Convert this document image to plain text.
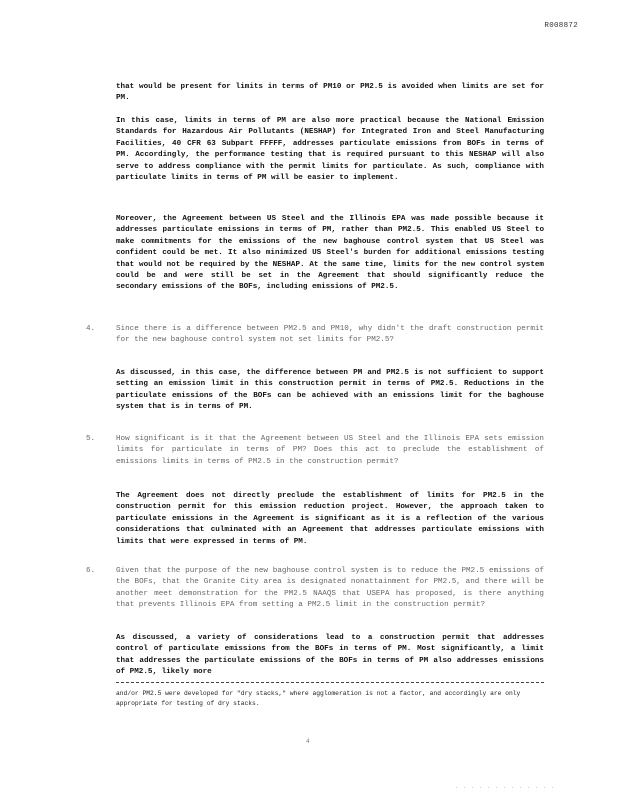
R008872
that would be present for limits in terms of PM10 or PM2.5 is avoided when limits are set for PM.
In this case, limits in terms of PM are also more practical because the National Emission Standards for Hazardous Air Pollutants (NESHAP) for Integrated Iron and Steel Manufacturing Facilities, 40 CFR 63 Subpart FFFFF, addresses particulate emissions from BOFs in terms of PM. Accordingly, the performance testing that is required pursuant to this NESHAP will also serve to address compliance with the permit limits for particulate. As such, compliance with particulate limits in terms of PM will be easier to implement.
Moreover, the Agreement between US Steel and the Illinois EPA was made possible because it addresses particulate emissions in terms of PM, rather than PM2.5. This enabled US Steel to make commitments for the emissions of the new baghouse control system that US Steel was confident could be met. It also minimized US Steel's burden for additional emissions testing that would not be required by the NESHAP. At the same time, limits for the new control system could be and were still be set in the Agreement that should significantly reduce the secondary emissions of the BOFs, including emissions of PM2.5.
4.	Since there is a difference between PM2.5 and PM10, why didn't the draft construction permit for the new baghouse control system not set limits for PM2.5?
As discussed, in this case, the difference between PM and PM2.5 is not sufficient to support setting an emission limit in this construction permit in terms of PM2.5. Reductions in the particulate emissions of the BOFs can be achieved with an emissions limit for the baghouse system that is in terms of PM.
5.	How significant is it that the Agreement between US Steel and the Illinois EPA sets emission limits for particulate in terms of PM? Does this act to preclude the establishment of emissions limits in terms of PM2.5 in the construction permit?
The Agreement does not directly preclude the establishment of limits for PM2.5 in the construction permit for this emission reduction project. However, the approach taken to particulate emissions in the Agreement is significant as it is a reflection of the various considerations that culminated with an Agreement that addresses particulate emissions with limits that were expressed in terms of PM.
6.	Given that the purpose of the new baghouse control system is to reduce the PM2.5 emissions of the BOFs, that the Granite City area is designated nonattainment for PM2.5, and there will be another meet demonstration for the PM2.5 NAAQS that USEPA has proposed, is there anything that prevents Illinois EPA from setting a PM2.5 limit in the construction permit?
As discussed, a variety of considerations lead to a construction permit that addresses control of particulate emissions from the BOFs in terms of PM. Most significantly, a limit that addresses the particulate emissions of the BOFs in terms of PM also addresses emissions of PM2.5, likely more
and/or PM2.5 were developed for "dry stacks," where agglomeration is not a factor, and accordingly are only appropriate for testing of dry stacks.
4
. . . . . . . . . . . . .
